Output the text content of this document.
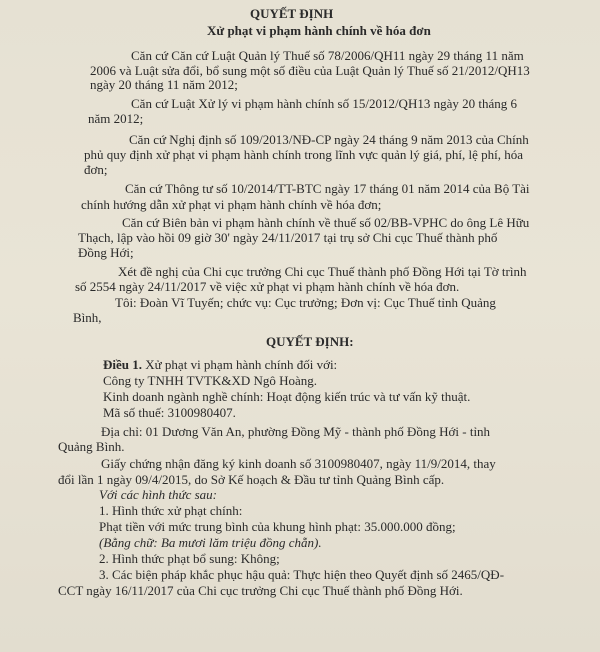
QUYẾT ĐỊNH

Xử phạt vi phạm hành chính về hóa đơn

Căn cứ Căn cứ Luật Quản lý Thuế số 78/2006/QH11 ngày 29 tháng 11 năm

2006 và Luật sửa đổi, bổ sung một số điều của Luật Quản lý Thuế số 21/2012/QH13

ngày 20 tháng 11 năm 2012;

Căn cứ Luật Xử lý vi phạm hành chính số 15/2012/QH13 ngày 20 tháng 6

năm 2012;

Căn cứ Nghị định số 109/2013/NĐ-CP ngày 24 tháng 9 năm 2013 của Chính

phủ quy định xử phạt vi phạm hành chính trong lĩnh vực quản lý giá, phí, lệ phí, hóa

đơn;

Căn cứ Thông tư số 10/2014/TT-BTC ngày 17 tháng 01 năm 2014 của Bộ Tài

chính hướng dẫn xử phạt vi phạm hành chính về hóa đơn;

Căn cứ Biên bản vi phạm hành chính về thuế số 02/BB-VPHC do ông Lê Hữu

Thạch, lập vào hồi 09 giờ 30' ngày 24/11/2017 tại trụ sở Chi cục Thuế thành phố

Đồng Hới;

Xét đề nghị của Chi cục trưởng Chi cục Thuế thành phố Đồng Hới tại Tờ trình

số 2554 ngày 24/11/2017 về việc xử phạt vi phạm hành chính về hóa đơn.

Tôi: Đoàn Vĩ Tuyến; chức vụ: Cục trưởng; Đơn vị: Cục Thuế tỉnh Quảng

Bình,

QUYẾT ĐỊNH:

Điều 1. Xử phạt vi phạm hành chính đối với:

Công ty TNHH TVTK&XD Ngô Hoàng.

Kinh doanh ngành nghề chính: Hoạt động kiến trúc và tư vấn kỹ thuật.

Mã số thuế: 3100980407.

Địa chỉ: 01 Dương Văn An, phường Đồng Mỹ - thành phố Đồng Hới - tỉnh

Quảng Bình.

Giấy chứng nhận đăng ký kinh doanh số 3100980407, ngày 11/9/2014, thay

đổi lần 1 ngày 09/4/2015, do Sở Kế hoạch & Đầu tư tỉnh Quảng Bình cấp.

Với các hình thức sau:

1. Hình thức xử phạt chính:

Phạt tiền với mức trung bình của khung hình phạt: 35.000.000 đồng;

(Bằng chữ: Ba mươi lăm triệu đồng chẵn).

2. Hình thức phạt bổ sung: Không;

3. Các biện pháp khắc phục hậu quả: Thực hiện theo Quyết định số 2465/QĐ-

CCT ngày 16/11/2017 của Chi cục trưởng Chi cục Thuế thành phố Đồng Hới.
